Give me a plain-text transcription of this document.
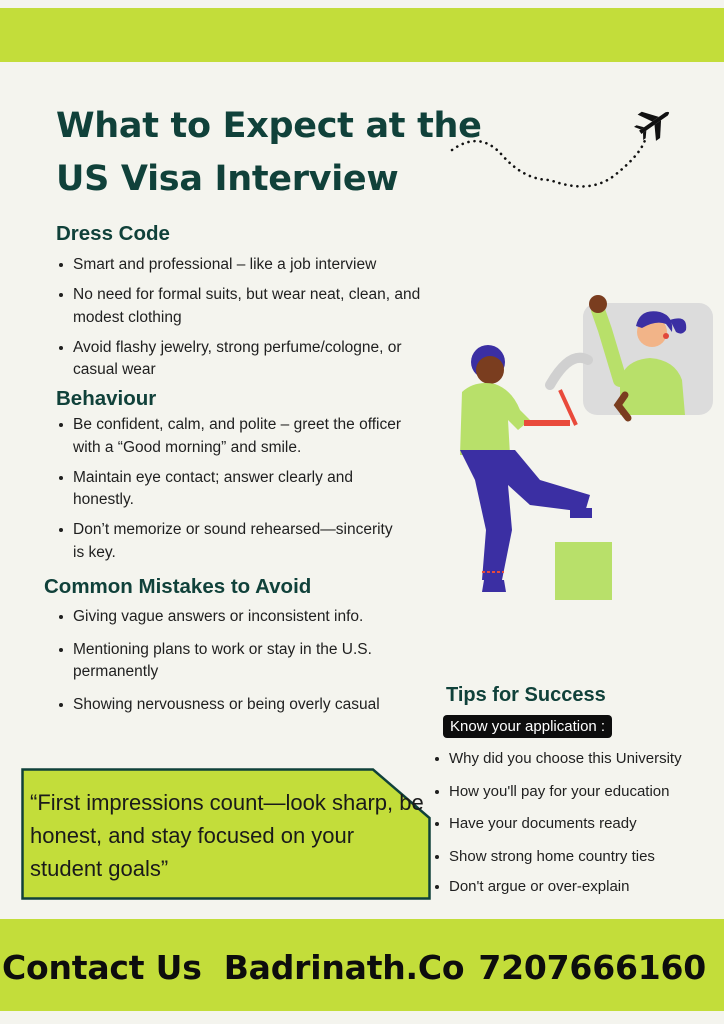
What to Expect at the
US Visa Interview
Dress Code
Smart and professional – like a job interview
No need for formal suits, but wear neat, clean, and modest clothing
Avoid flashy jewelry, strong perfume/cologne, or casual wear
Behaviour
Be confident, calm, and polite – greet the officer with a “Good morning” and smile.
Maintain eye contact; answer clearly and honestly.
Don’t memorize or sound rehearsed—sincerity is key.
Common Mistakes to Avoid
Giving vague answers or inconsistent info.
Mentioning plans to work or stay in the U.S. permanently
Showing nervousness or being overly casual	Tips for Success
Know your application :
Why did you choose this University
How you'll pay for your education
Have your documents ready
Show strong home country ties
Don't argue or over-explain

“First impressions count—look sharp, be honest, and stay focused on your student goals”

Contact Us Badrinath.Co 7207666160
